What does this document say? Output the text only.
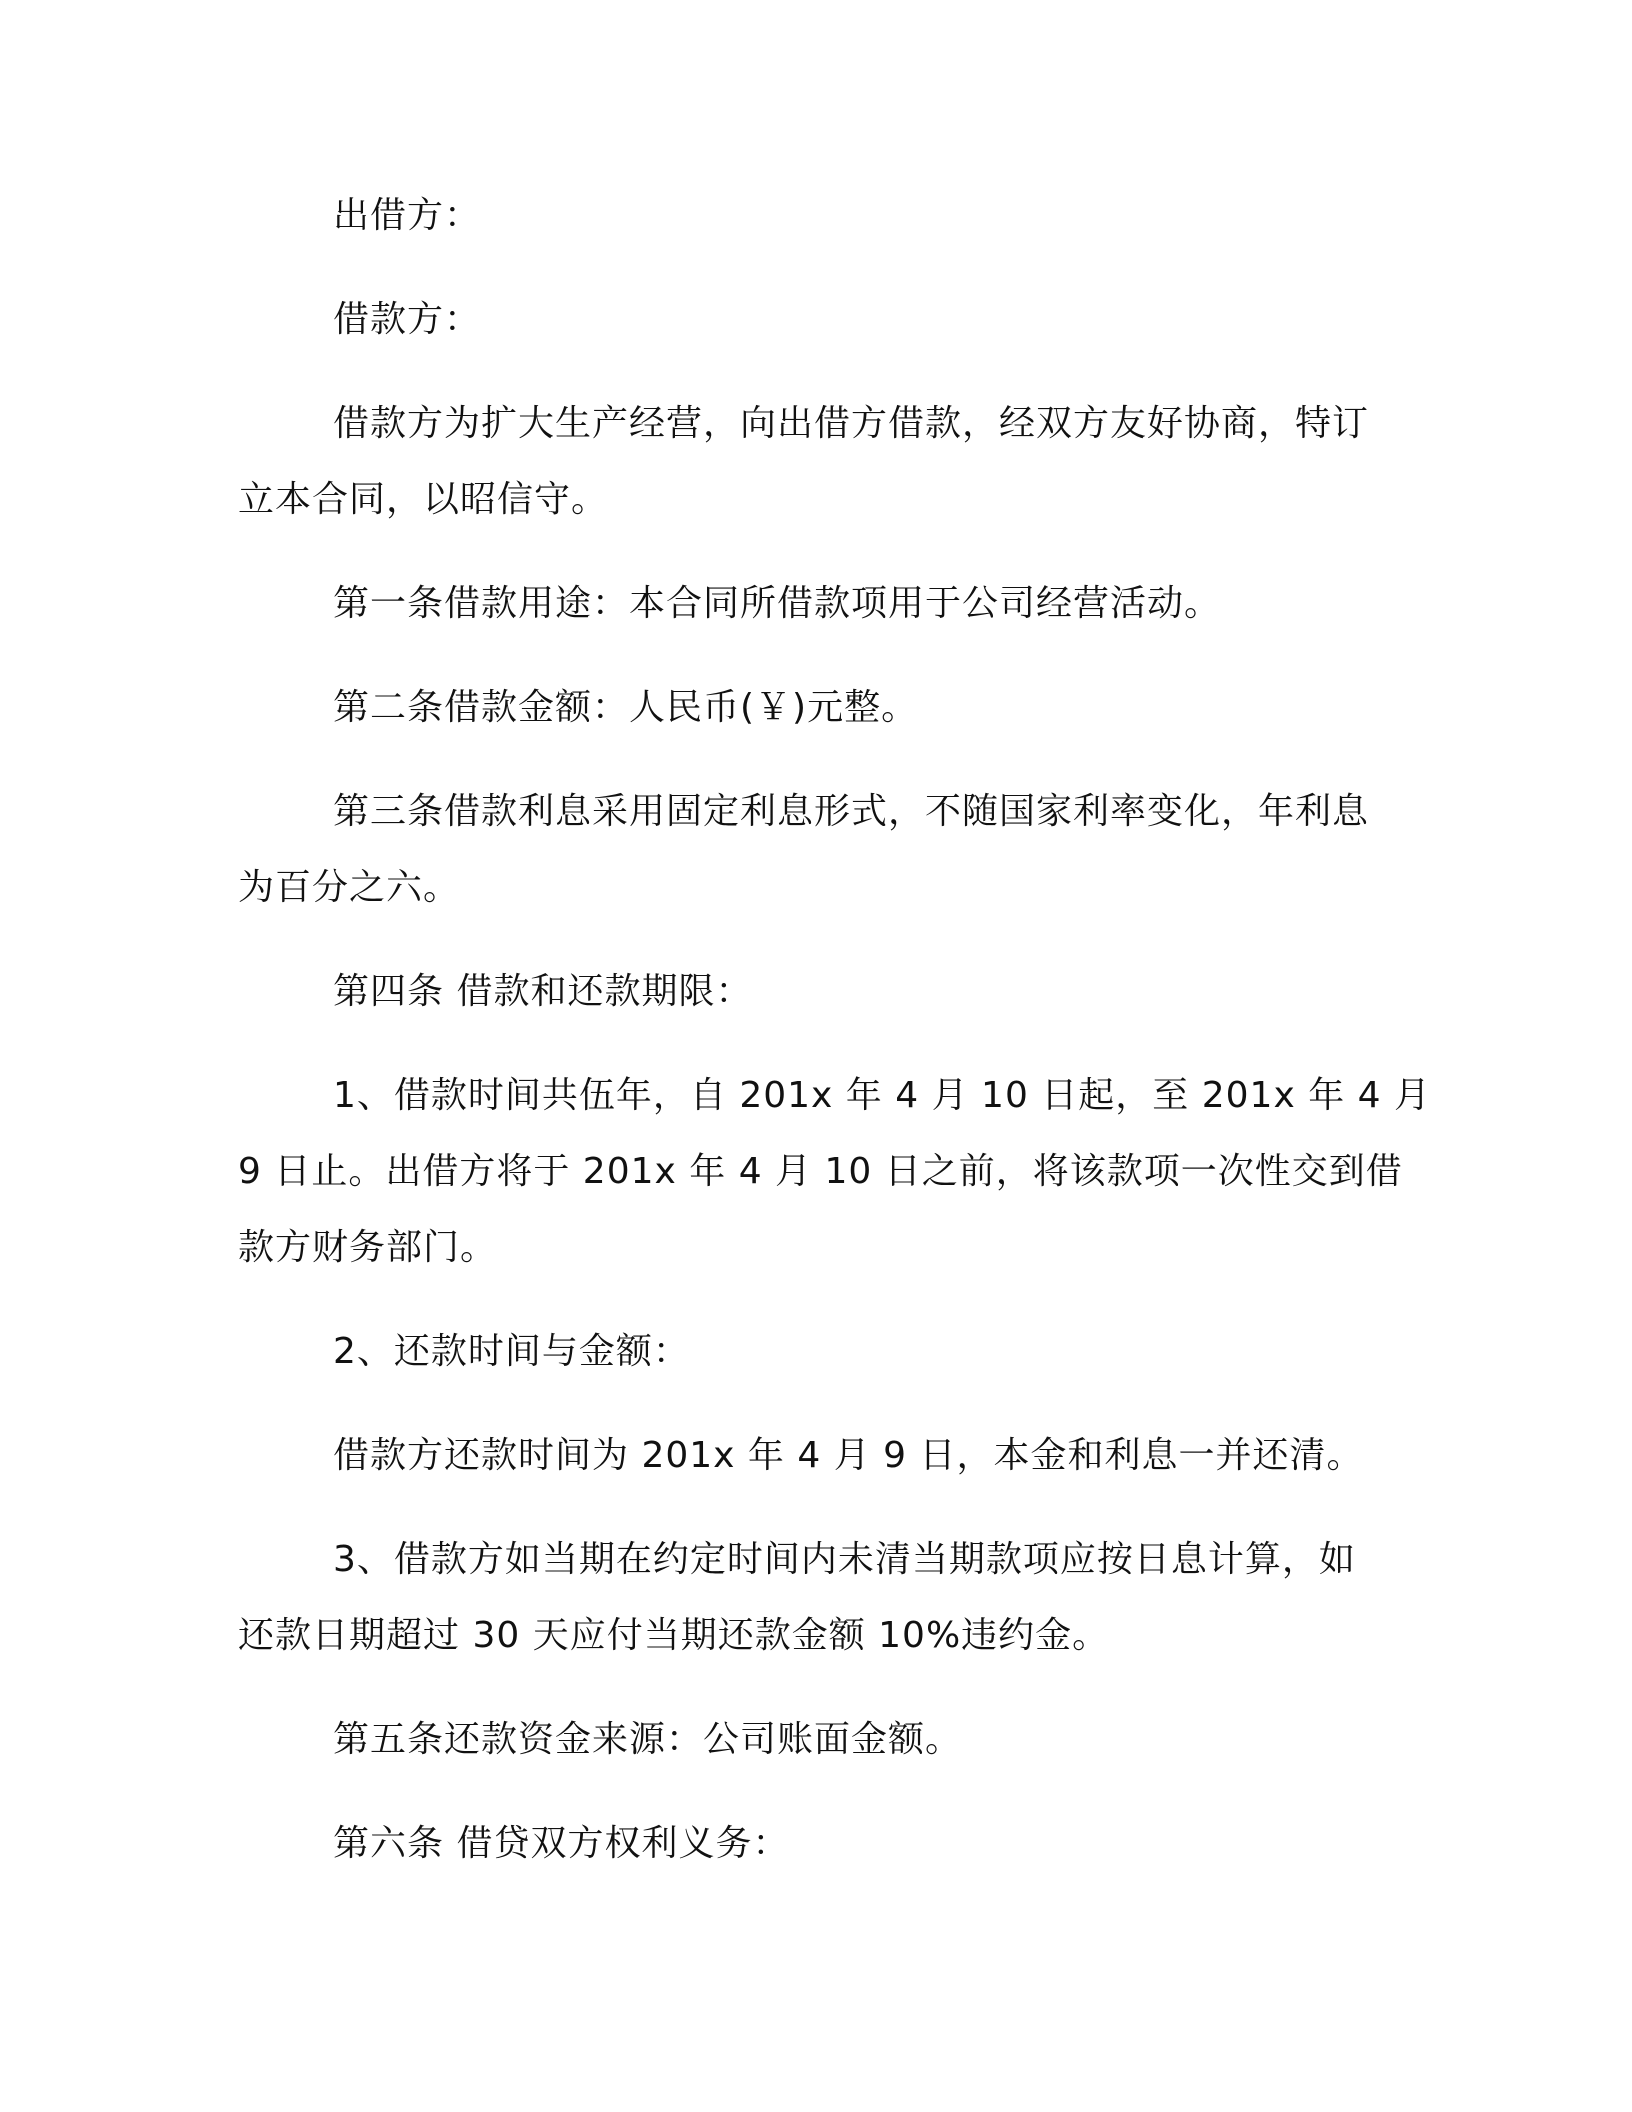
出借方：

借款方：

借款方为扩大生产经营，向出借方借款，经双方友好协商，特订

立本合同，以昭信守。

第一条借款用途：本合同所借款项用于公司经营活动。

第二条借款金额：人民币(￥)元整。

第三条借款利息采用固定利息形式，不随国家利率变化，年利息

为百分之六。

第四条 借款和还款期限：

1、借款时间共伍年，自 201x 年 4 月 10 日起，至 201x 年 4 月

9 日止。出借方将于 201x 年 4 月 10 日之前，将该款项一次性交到借

款方财务部门。

2、还款时间与金额：

借款方还款时间为 201x 年 4 月 9 日，本金和利息一并还清。

3、借款方如当期在约定时间内未清当期款项应按日息计算，如

还款日期超过 30 天应付当期还款金额 10%违约金。

第五条还款资金来源：公司账面金额。

第六条 借贷双方权利义务：
